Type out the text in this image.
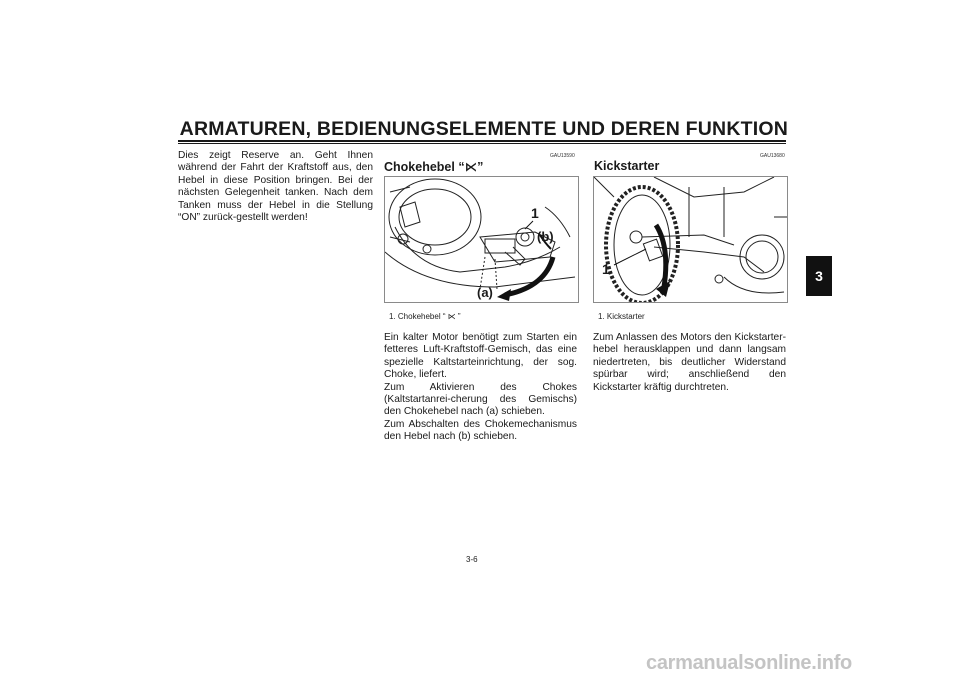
ARMATUREN, BEDIENUNGSELEMENTE UND DEREN FUNKTION
3

Dies zeigt Reserve an. Geht Ihnen während der Fahrt der Kraftstoff aus, den Hebel in diese Position bringen. Bei der nächsten Gelegenheit tanken. Nach dem Tanken muss der Hebel in die Stellung “ON” zurück-gestellt werden!

GAU13590
Chokehebel “⋉”
1
(b)
(a)
1. Chokehebel “ ⋉ ”

Ein kalter Motor benötigt zum Starten ein fetteres Luft-Kraftstoff-Gemisch, das eine spezielle Kaltstarteinrichtung, der sog. Choke, liefert.

Zum Aktivieren des Chokes (Kaltstartanrei-cherung des Gemischs) den Chokehebel nach (a) schieben.

Zum Abschalten des Chokemechanismus den Hebel nach (b) schieben.

GAU13680
Kickstarter
1
1. Kickstarter

Zum Anlassen des Motors den Kickstarter-hebel herausklappen und dann langsam niedertreten, bis deutlicher Widerstand spürbar wird; anschließend den Kickstarter kräftig durchtreten.

3-6
carmanualsonline.info
